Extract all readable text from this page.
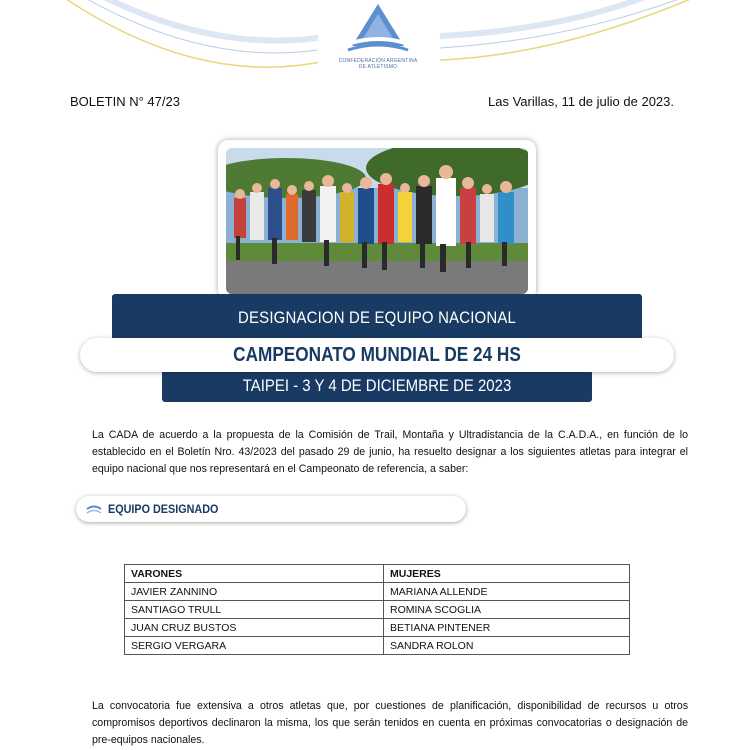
CONFEDERACIÓN ARGENTINA
DE ATLETISMO
BOLETIN N° 47/23	Las Varillas, 11 de julio de 2023.
DESIGNACION DE EQUIPO NACIONAL
CAMPEONATO MUNDIAL DE 24 HS
TAIPEI - 3 Y 4 DE DICIEMBRE DE 2023
La CADA de acuerdo a la propuesta de la Comisión de Trail, Montaña y Ultradistancia de la C.A.D.A., en función de lo establecido en el Boletín Nro. 43/2023 del pasado 29 de junio, ha resuelto designar a los siguientes atletas para integrar el equipo nacional que nos representará en el Campeonato de referencia, a saber:
EQUIPO DESIGNADO
VARONES	MUJERES
JAVIER ZANNINO	MARIANA ALLENDE
SANTIAGO TRULL	ROMINA SCOGLIA
JUAN CRUZ BUSTOS	BETIANA PINTENER
SERGIO VERGARA	SANDRA ROLON
La convocatoria fue extensiva a otros atletas que, por cuestiones de planificación, disponibilidad de recursos u otros compromisos deportivos declinaron la misma, los que serán tenidos en cuenta en próximas convocatorias o designación de pre-equipos nacionales.
